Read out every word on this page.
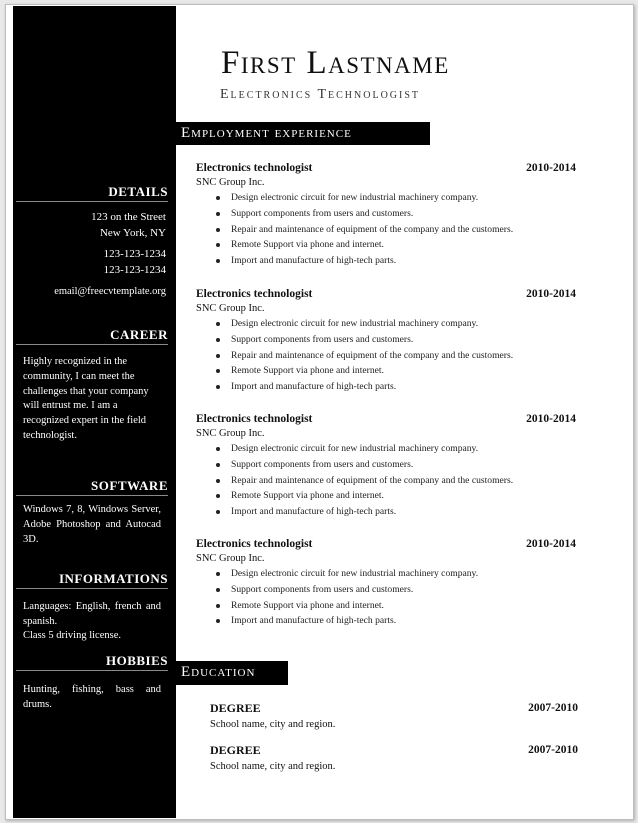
DETAILS
123 on the Street
New York, NY
123-123-1234
123-123-1234
email@freecvtemplate.org
CAREER
Highly recognized in the community, I can meet the challenges that your company will entrust me. I am a recognized expert in the field technologist.
SOFTWARE
Windows 7, 8, Windows Server, Adobe Photoshop and Autocad 3D.
INFORMATIONS
Languages: English, french and spanish.
Class 5 driving license.
HOBBIES
Hunting, fishing, bass and drums.
First Lastname
Electronics Technologist
Employment experience
Electronics technologist	2010-2014
SNC Group Inc.
Design electronic circuit for new industrial machinery company.
Support components from users and customers.
Repair and maintenance of equipment of the company and the customers.
Remote Support via phone and internet.
Import and manufacture of high-tech parts.
Electronics technologist	2010-2014
SNC Group Inc.
Design electronic circuit for new industrial machinery company.
Support components from users and customers.
Repair and maintenance of equipment of the company and the customers.
Remote Support via phone and internet.
Import and manufacture of high-tech parts.
Electronics technologist	2010-2014
SNC Group Inc.
Design electronic circuit for new industrial machinery company.
Support components from users and customers.
Repair and maintenance of equipment of the company and the customers.
Remote Support via phone and internet.
Import and manufacture of high-tech parts.
Electronics technologist	2010-2014
SNC Group Inc.
Design electronic circuit for new industrial machinery company.
Support components from users and customers.
Remote Support via phone and internet.
Import and manufacture of high-tech parts.
Education
DEGREE	2007-2010
School name, city and region.
DEGREE	2007-2010
School name, city and region.
